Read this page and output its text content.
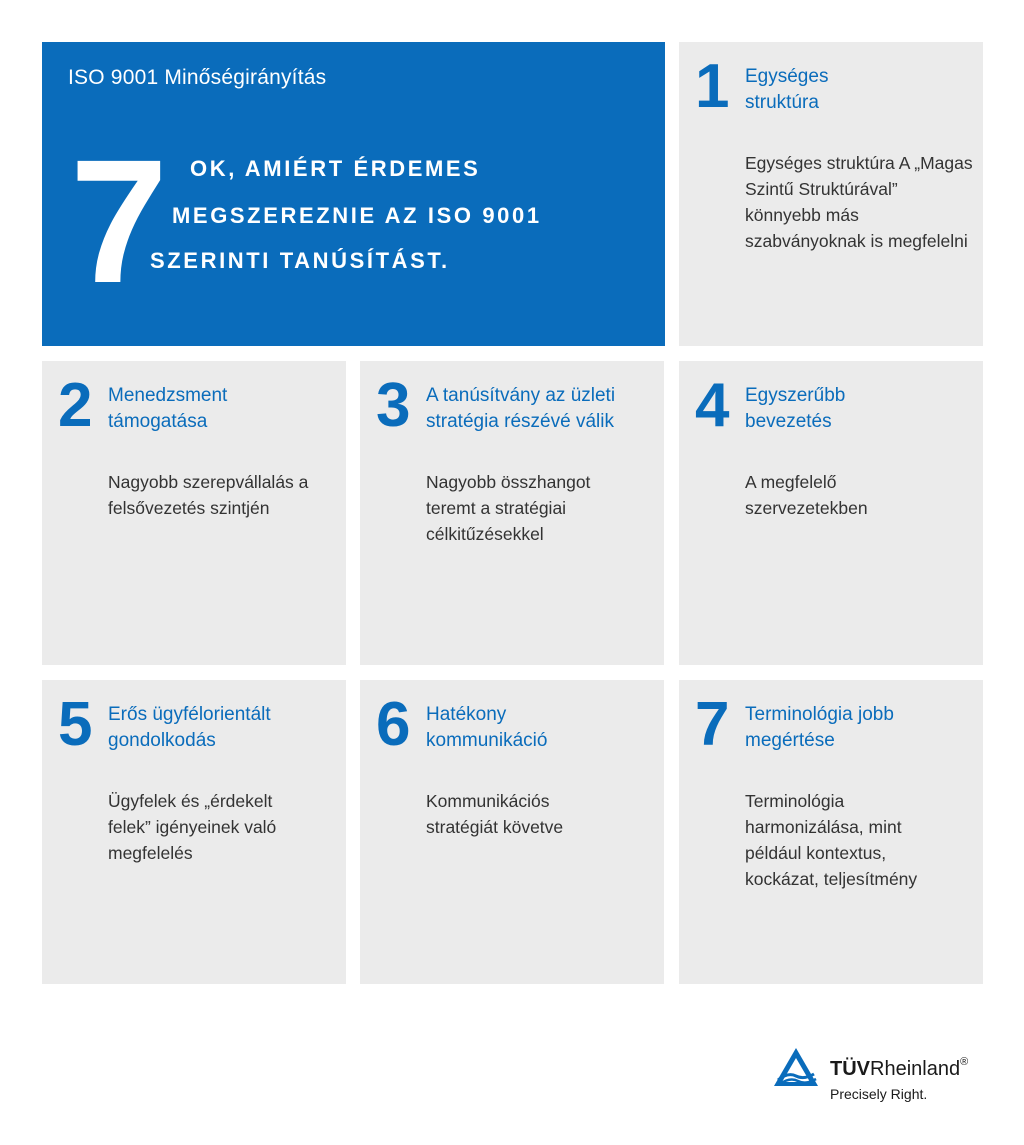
ISO 9001 Minőségirányítás
7 OK, AMIÉRT ÉRDEMES
MEGSZEREZNIE AZ ISO 9001
SZERINTI TANÚSÍTÁST.
1 Egységes struktúra
Egységes struktúra A „Magas Szintű Struktúrával” könnyebb más szabványoknak is megfelelni
2 Menedzsment támogatása
Nagyobb szerepvállalás a felsővezetés szintjén
3 A tanúsítvány az üzleti stratégia részévé válik
Nagyobb összhangot teremt a stratégiai célkitűzésekkel
4 Egyszerűbb bevezetés
A megfelelő szervezetekben
5 Erős ügyfélorientált gondolkodás
Ügyfelek és „érdekelt felek” igényeinek való megfelelés
6 Hatékony kommunikáció
Kommunikációs stratégiát követve
7 Terminológia jobb megértése
Terminológia harmonizálása, mint például kontextus, kockázat, teljesítmény
TÜVRheinland®
Precisely Right.
